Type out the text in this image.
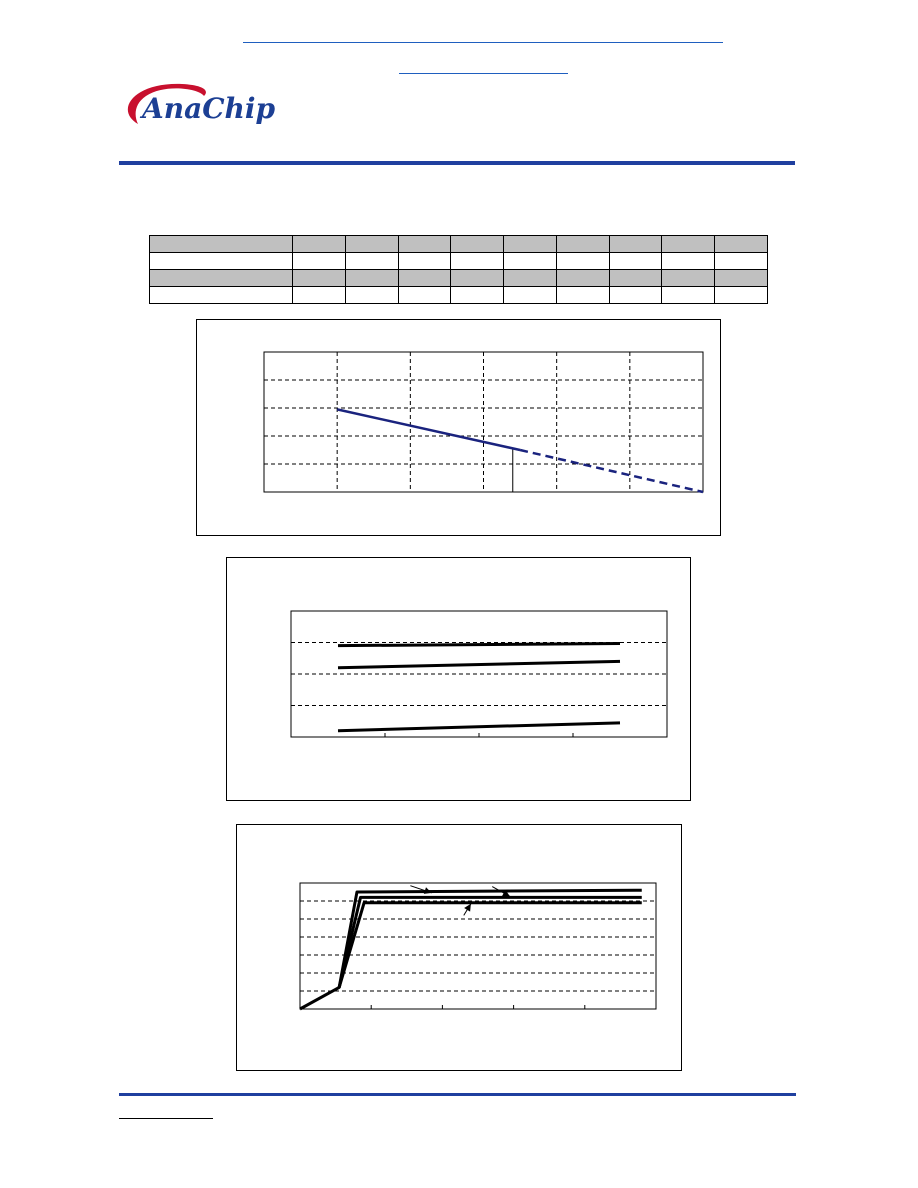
AnaChip
